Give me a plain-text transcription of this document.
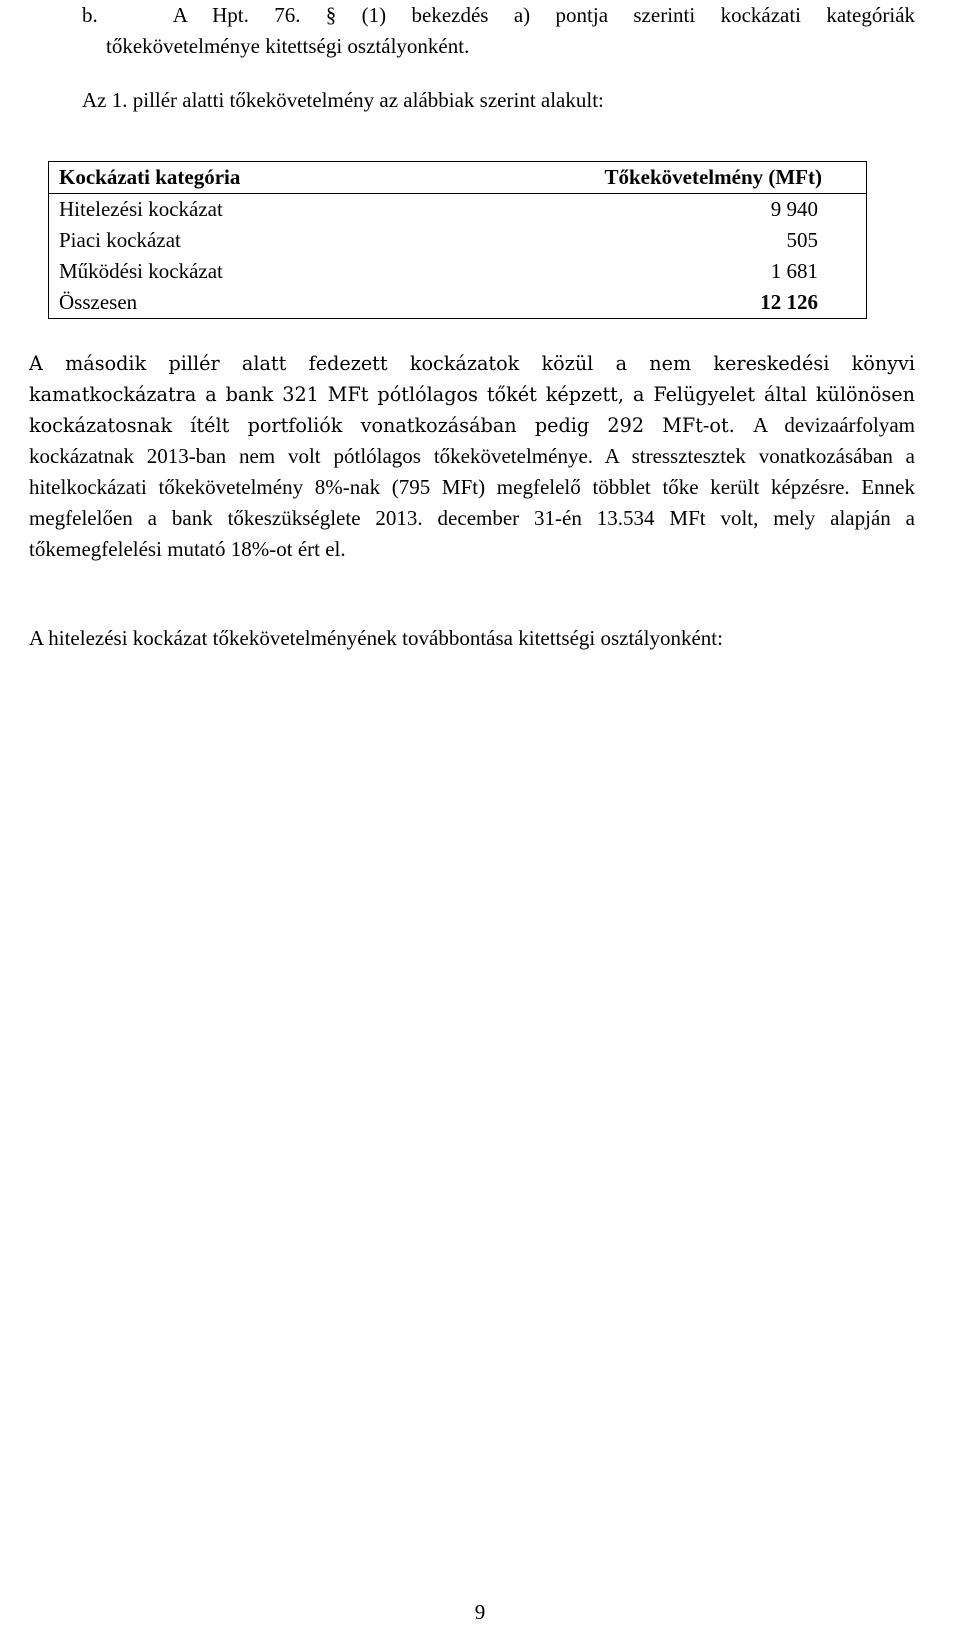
b.	A Hpt. 76. § (1) bekezdés a) pontja szerinti kockázati kategóriák
tőkekövetelménye kitettségi osztályonként.
Az 1. pillér alatti tőkekövetelmény az alábbiak szerint alakult:
Kockázati kategória	Tőkekövetelmény (MFt)
Hitelezési kockázat	9 940
Piaci kockázat	505
Működési kockázat	1 681
Összesen	12 126
A második pillér alatt fedezett kockázatok közül a nem kereskedési könyvi kamatkockázatra a bank 321 MFt pótlólagos tőkét képzett, a Felügyelet által különösen kockázatosnak ítélt portfoliók vonatkozásában pedig 292 MFt-ot. A devizaárfolyam kockázatnak 2013-ban nem volt pótlólagos tőkekövetelménye. A stressztesztek vonatkozásában a hitelkockázati tőkekövetelmény 8%-nak (795 MFt) megfelelő többlet tőke került képzésre. Ennek megfelelően a bank tőkeszükséglete 2013. december 31-én 13.534 MFt volt, mely alapján a tőkemegfelelési mutató 18%-ot ért el.
A hitelezési kockázat tőkekövetelményének továbbontása kitettségi osztályonként:
9
